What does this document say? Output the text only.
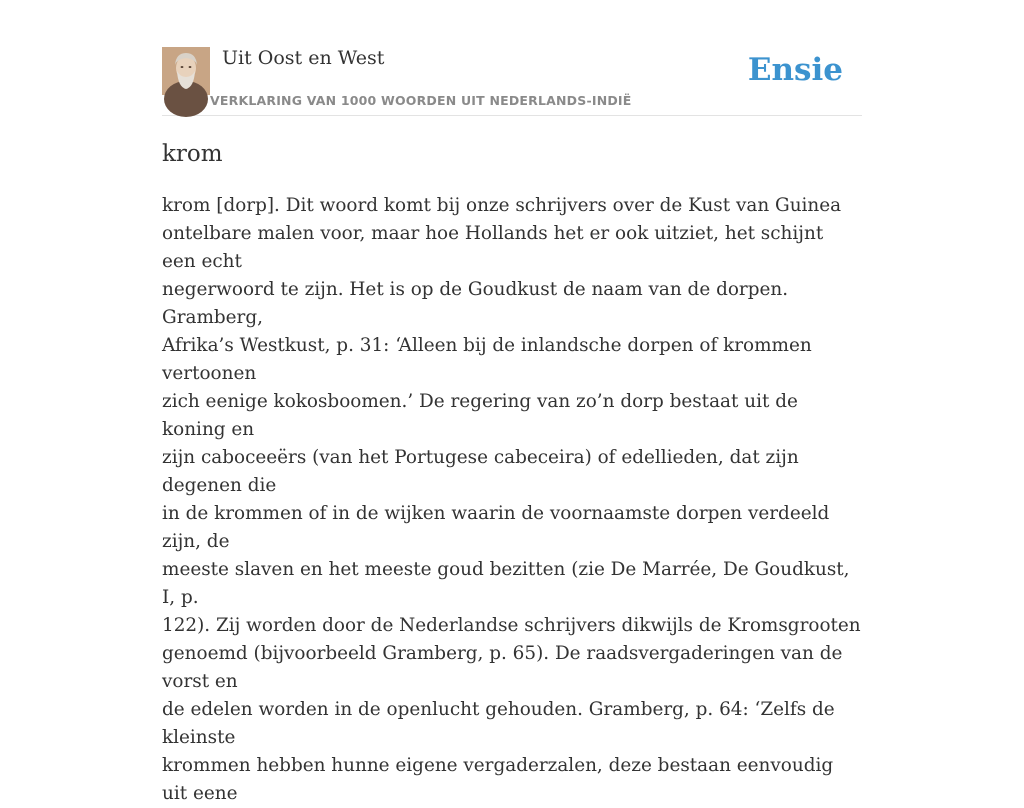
Uit Oost en West
VERKLARING VAN 1000 WOORDEN UIT NEDERLANDS-INDIË
Ensie
krom

krom [dorp]. Dit woord komt bij onze schrijvers over de Kust van Guinea
ontelbare malen voor, maar hoe Hollands het er ook uitziet, het schijnt een echt
negerwoord te zijn. Het is op de Goudkust de naam van de dorpen. Gramberg,
Afrika’s Westkust, p. 31: ‘Alleen bij de inlandsche dorpen of krommen vertoonen
zich eenige kokosboomen.’ De regering van zo’n dorp bestaat uit de koning en
zijn caboceeërs (van het Portugese cabeceira) of edellieden, dat zijn degenen die
in de krommen of in de wijken waarin de voornaamste dorpen verdeeld zijn, de
meeste slaven en het meeste goud bezitten (zie De Marrée, De Goudkust, I, p.
122). Zij worden door de Nederlandse schrijvers dikwijls de Kromsgrooten
genoemd (bijvoorbeeld Gramberg, p. 65). De raadsvergaderingen van de vorst en
de edelen worden in de openlucht gehouden. Gramberg, p. 64: ‘Zelfs de kleinste
krommen hebben hunne eigene vergaderzalen, deze bestaan eenvoudig uit eene
